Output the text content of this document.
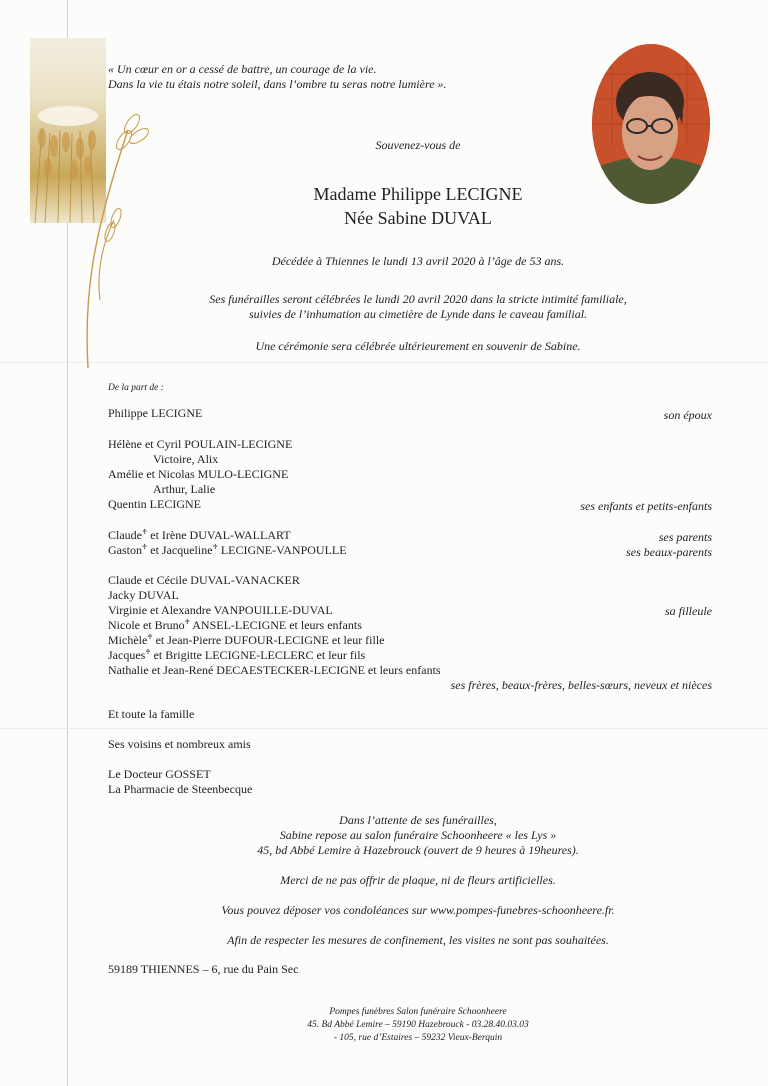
« Un cœur en or a cessé de battre, un courage de la vie.
Dans la vie tu étais notre soleil, dans l’ombre tu seras notre lumière ».
Souvenez-vous de
Madame Philippe LECIGNE
Née Sabine DUVAL
Décédée à Thiennes le lundi 13 avril 2020 à l’âge de 53 ans.
Ses funérailles seront célébrées le lundi 20 avril 2020 dans la stricte intimité familiale,
suivies de l’inhumation au cimetière de Lynde dans le caveau familial.
Une cérémonie sera célébrée ultérieurement en souvenir de Sabine.
De la part de :
Philippe LECIGNE	son époux
Hélène et Cyril POULAIN-LECIGNE
Victoire, Alix
Amélie et Nicolas MULO-LECIGNE
Arthur, Lalie
Quentin LECIGNE	ses enfants et petits-enfants
Claude♰ et Irène DUVAL-WALLART	ses parents
Gaston♰ et Jacqueline♰ LECIGNE-VANPOULLE	ses beaux-parents
Claude et Cécile DUVAL-VANACKER
Jacky DUVAL
Virginie et Alexandre VANPOUILLE-DUVAL	sa filleule
Nicole et Bruno♰ ANSEL-LECIGNE et leurs enfants
Michèle♰ et Jean-Pierre DUFOUR-LECIGNE et leur fille
Jacques♰ et Brigitte LECIGNE-LECLERC et leur fils
Nathalie et Jean-René DECAESTECKER-LECIGNE et leurs enfants
ses frères, beaux-frères, belles-sœurs, neveux et nièces
Et toute la famille
Ses voisins et nombreux amis
Le Docteur GOSSET
La Pharmacie de Steenbecque
Dans l’attente de ses funérailles,
Sabine repose au salon funéraire Schoonheere « les Lys »
45, bd Abbé Lemire à Hazebrouck (ouvert de 9 heures à 19heures).
Merci de ne pas offrir de plaque, ni de fleurs artificielles.
Vous pouvez déposer vos condoléances sur www.pompes-funebres-schoonheere.fr.
Afin de respecter les mesures de confinement, les visites ne sont pas souhaitées.
59189 THIENNES – 6, rue du Pain Sec
Pompes funèbres Salon funéraire Schoonheere
45. Bd Abbé Lemire – 59190 Hazebrouck - 03.28.40.03.03
- 105, rue d’Estaires – 59232 Vieux-Berquin
